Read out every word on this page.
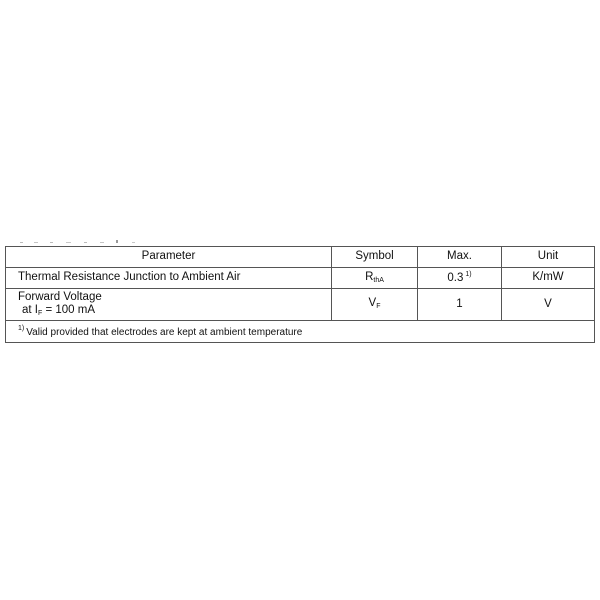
Parameter	Symbol	Max.	Unit
Thermal Resistance Junction to Ambient Air	$R_{thA}$	0.3 $^{1)}$	K/mW
Forward Voltage
at $I_F = 100$ mA	$V_F$	1	V
$^{1)}$ Valid provided that electrodes are kept at ambient temperature			
